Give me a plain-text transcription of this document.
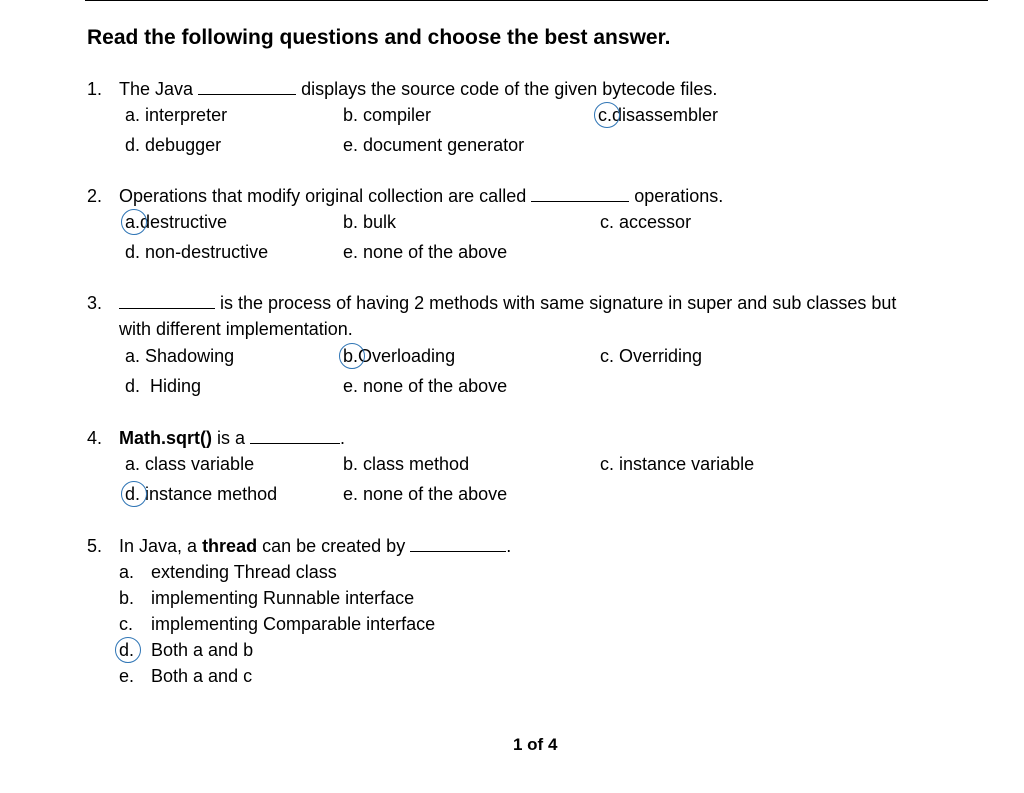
Read the following questions and choose the best answer.
1. The Java	displays the source code of the given bytecode files.
a. interpreter	b. compiler	c.disassembler
d. debugger	e. document generator
2. Operations that modify original collection are called	operations.
a.destructive	b. bulk	c. accessor
d. non-destructive	e. none of the above
3.	is the process of having 2 methods with same signature in super and sub classes but
with different implementation.
a. Shadowing	b.Overloading	c. Overriding
d. Hiding	e. none of the above
4. Math.sqrt() is a	.
a. class variable	b. class method	c. instance variable
d. instance method	e. none of the above
5. In Java, a thread can be created by	.
a. extending Thread class
b. implementing Runnable interface
c. implementing Comparable interface
d. Both a and b
e. Both a and c
1 of 4
